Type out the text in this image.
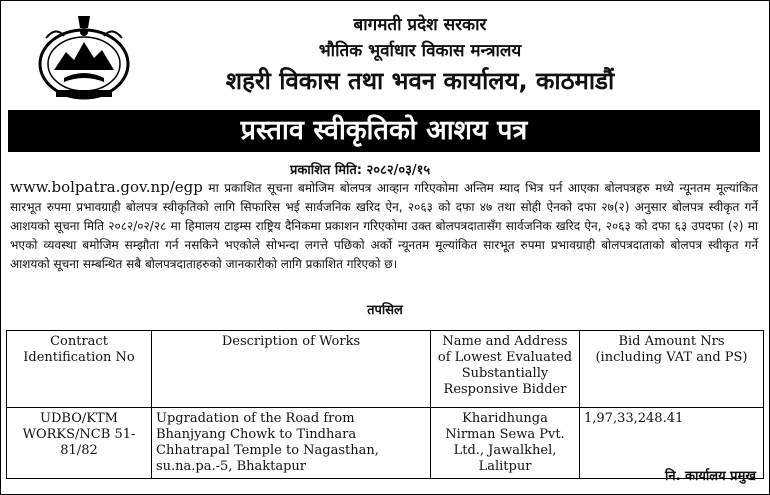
बागमती प्रदेश सरकार
भौतिक भूर्वाधार विकास मन्त्रालय
शहरी विकास तथा भवन कार्यालय, काठमाडौं
प्रस्ताव स्वीकृतिको आशय पत्र
प्रकाशित मिति: २०८२/०३/१५
www.bolpatra.gov.np/egp मा प्रकाशित सूचना बमोजिम बोलपत्र आव्हान गरिएकोमा अन्तिम म्याद भित्र पर्न आएका बोलपत्रहरु मध्ये न्यूनतम मूल्यांकित सारभूत रुपमा प्रभावग्राही बोलपत्र स्वीकृतिको लागि सिफारिस भई सार्वजनिक खरिद ऐन, २०६३ को दफा ४७ तथा सोही ऐनको दफा २७(२) अनुसार बोलपत्र स्वीकृत गर्ने आशयको सूचना मिति २०८२/०२/२८ मा हिमालय टाइम्स राष्ट्रिय दैनिकमा प्रकाशन गरिएकोमा उक्त बोलपत्रदातासँग सार्वजनिक खरिद ऐन, २०६३ को दफा ६३ उपदफा (२) मा भएको व्यवस्था बमोजिम सम्झौता गर्न नसकिने भएकोले सोभन्दा लगत्ते पछिको अर्को न्यूनतम मूल्यांकित सारभूत रुपमा प्रभावग्राही बोलपत्रदाताको बोलपत्र स्वीकृत गर्ने आशयको सूचना सम्बन्धित सबै बोलपत्रदाताहरुको जानकारीको लागि प्रकाशित गरिएको छ।
तपसिल
Contract Identification No	Description of Works	Name and Address of Lowest Evaluated Substantially Responsive Bidder	Bid Amount Nrs (including VAT and PS)
UDBO/KTM WORKS/NCB 51-81/82	Upgradation of the Road from Bhanjyang Chowk to Tindhara Chhatrapal Temple to Nagasthan, su.na.pa.-5, Bhaktapur	Kharidhunga Nirman Sewa Pvt. Ltd., Jawalkhel, Lalitpur	1,97,33,248.41
नि. कार्यालय प्रमुख
